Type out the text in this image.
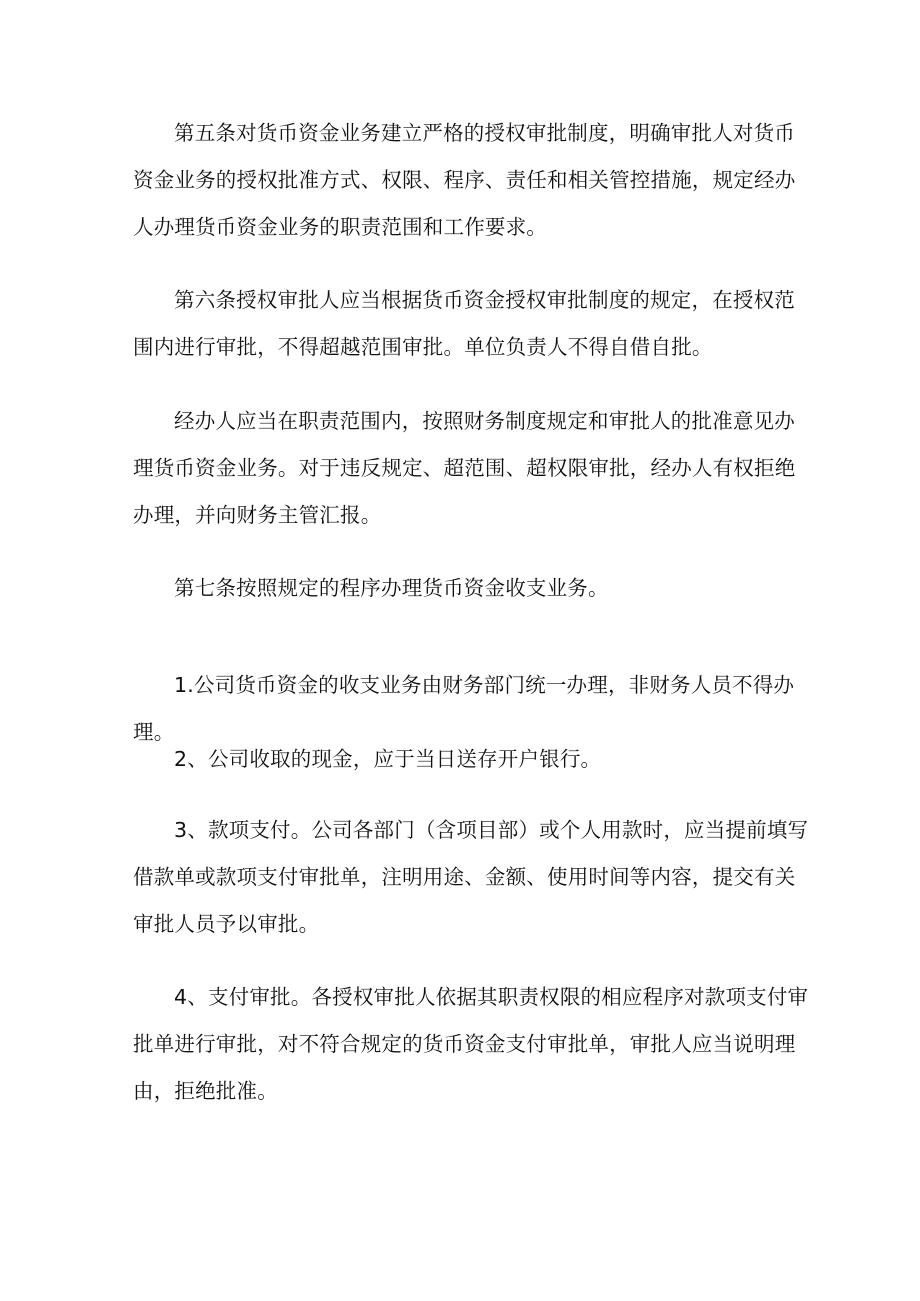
第五条对货币资金业务建立严格的授权审批制度，明确审批人对货币资金业务的授权批准方式、权限、程序、责任和相关管控措施，规定经办人办理货币资金业务的职责范围和工作要求。

第六条授权审批人应当根据货币资金授权审批制度的规定，在授权范围内进行审批，不得超越范围审批。单位负责人不得自借自批。

经办人应当在职责范围内，按照财务制度规定和审批人的批准意见办理货币资金业务。对于违反规定、超范围、超权限审批，经办人有权拒绝办理，并向财务主管汇报。

第七条按照规定的程序办理货币资金收支业务。

1.公司货币资金的收支业务由财务部门统一办理，非财务人员不得办理。

2、公司收取的现金，应于当日送存开户银行。

3、款项支付。公司各部门（含项目部）或个人用款时，应当提前填写借款单或款项支付审批单，注明用途、金额、使用时间等内容，提交有关审批人员予以审批。

4、支付审批。各授权审批人依据其职责权限的相应程序对款项支付审批单进行审批，对不符合规定的货币资金支付审批单，审批人应当说明理由，拒绝批准。
